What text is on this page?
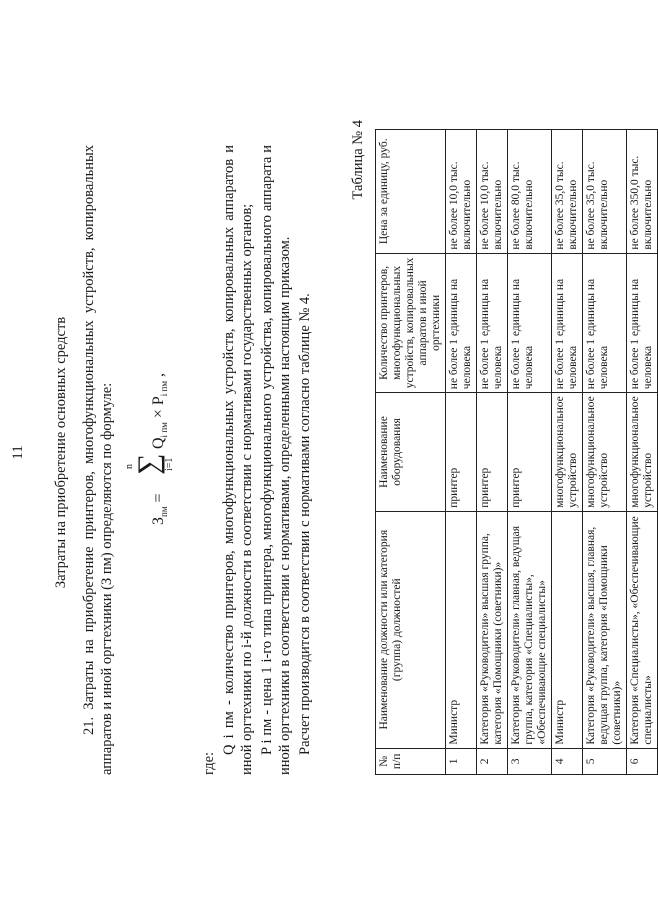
11 Затраты на приобретение основных средств 21. Затраты на приобретение принтеров, многофункциональных устройств, копировальных аппаратов и иной оргтехники (З пм) определяются по формуле: $З_{пм}$ =
n
∑ i=1
$Q_{i пм} \times P_{i пм}$ ,
где:
Q i пм - количество принтеров, многофункциональных устройств, копировальных аппаратов и иной оргтехники по i-й должности в соответствии с нормативами государственных органов; P i пм - цена 1 i-го типа принтера, многофункционального устройства, копировального аппарата и иной оргтехники в соответствии с нормативами, определенными настоящим приказом. Расчет производится в соответствии с нормативами согласно таблице № 4.
Таблица № 4
№ п/п	Наименование должности или категория (группа) должностей	Наименование оборудования	Количество принтеров, многофункциональных устройств, копировальных аппаратов и иной оргтехники	Цена за единицу, руб.
1	Министр	принтер	не более 1 единицы на человека	не более 10,0 тыс. включительно
2	Категория «Руководители» высшая группа, категория «Помощники (советники)»	принтер	не более 1 единицы на человека	не более 10,0 тыс. включительно
3	Категория «Руководители» главная, ведущая группа, категория «Специалисты», «Обеспечивающие специалисты»	принтер	не более 1 единицы на человека	не более 80,0 тыс. включительно
4	Министр	многофункциональное устройство	не более 1 единицы на человека	не более 35,0 тыс. включительно
5	Категория «Руководители» высшая, главная, ведущая группа, категория «Помощники (советники)»	многофункциональное устройство	не более 1 единицы на человека	не более 35,0 тыс. включительно
6	Категория «Специалисты», «Обеспечивающие специалисты»	многофункциональное устройство	не более 1 единицы на человека	не более 350,0 тыс. включительно
